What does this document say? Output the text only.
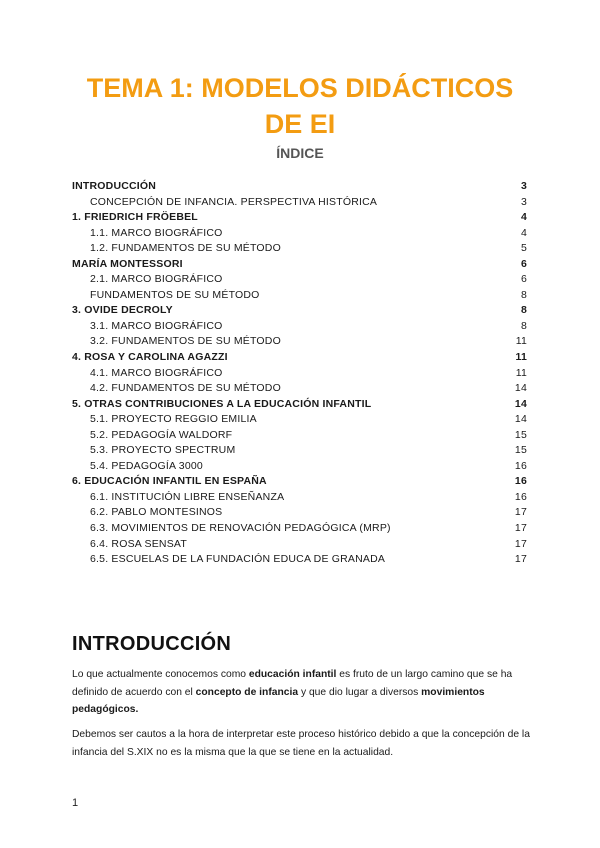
TEMA 1: MODELOS DIDÁCTICOS
DE EI
ÍNDICE
INTRODUCCIÓN	3
CONCEPCIÓN DE INFANCIA. PERSPECTIVA HISTÓRICA	3
1. FRIEDRICH FRÖEBEL	4
1.1. MARCO BIOGRÁFICO	4
1.2. FUNDAMENTOS DE SU MÉTODO	5
MARÍA MONTESSORI	6
2.1. MARCO BIOGRÁFICO	6
FUNDAMENTOS DE SU MÉTODO	8
3. OVIDE DECROLY	8
3.1. MARCO BIOGRÁFICO	8
3.2. FUNDAMENTOS DE SU MÉTODO	11
4. ROSA Y CAROLINA AGAZZI	11
4.1. MARCO BIOGRÁFICO	11
4.2. FUNDAMENTOS DE SU MÉTODO	14
5. OTRAS CONTRIBUCIONES A LA EDUCACIÓN INFANTIL	14
5.1. PROYECTO REGGIO EMILIA	14
5.2. PEDAGOGÍA WALDORF	15
5.3. PROYECTO SPECTRUM	15
5.4. PEDAGOGÍA 3000	16
6. EDUCACIÓN INFANTIL EN ESPAÑA	16
6.1. INSTITUCIÓN LIBRE ENSEÑANZA	16
6.2. PABLO MONTESINOS	17
6.3. MOVIMIENTOS DE RENOVACIÓN PEDAGÓGICA (MRP)	17
6.4. ROSA SENSAT	17
6.5. ESCUELAS DE LA FUNDACIÓN EDUCA DE GRANADA	17
INTRODUCCIÓN
Lo que actualmente conocemos como educación infantil es fruto de un largo camino que se ha definido de acuerdo con el concepto de infancia y que dio lugar a diversos movimientos pedagógicos.
Debemos ser cautos a la hora de interpretar este proceso histórico debido a que la concepción de la infancia del S.XIX no es la misma que la que se tiene en la actualidad.
1
